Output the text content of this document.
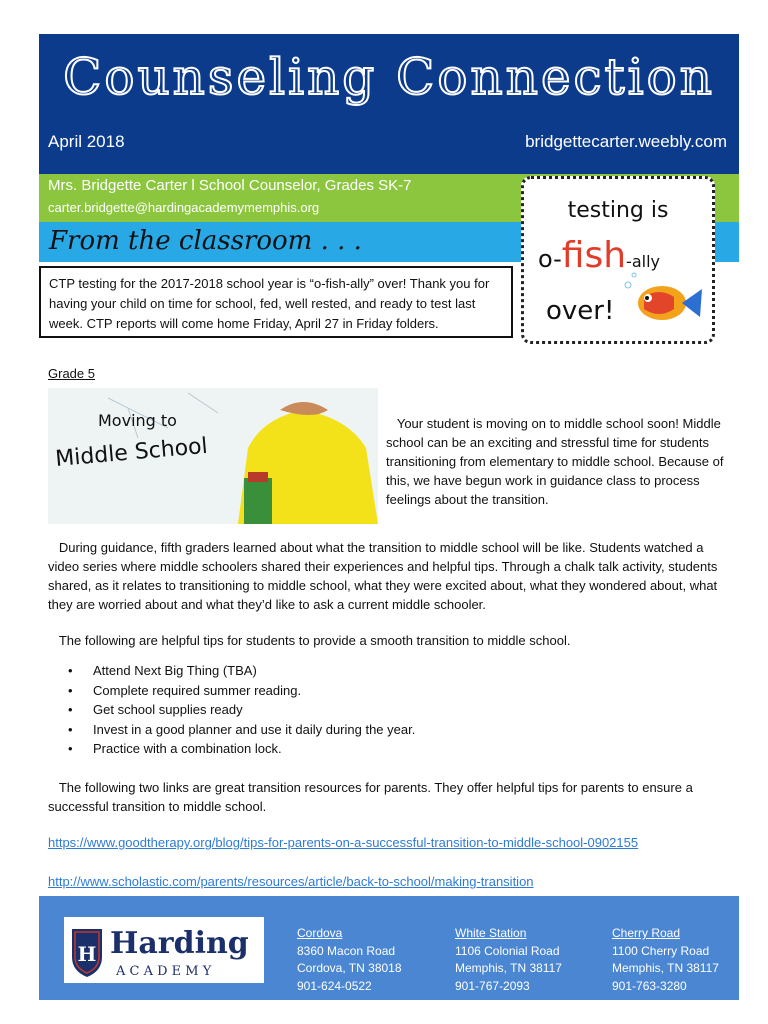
Counseling Connection
April 2018	bridgettecarter.weebly.com
Mrs. Bridgette Carter l School Counselor, Grades SK-7
carter.bridgette@hardingacademymemphis.org
From the classroom . . .
testing is
o-fish-ally
over!
CTP testing for the 2017-2018 school year is “o-fish-ally” over! Thank you for having your child on time for school, fed, well rested, and ready to test last week. CTP reports will come home Friday, April 27 in Friday folders.
Grade 5
Moving to
Middle School
Your student is moving on to middle school soon! Middle school can be an exciting and stressful time for students transitioning from elementary to middle school. Because of this, we have begun work in guidance class to process feelings about the transition.
During guidance, fifth graders learned about what the transition to middle school will be like. Students watched a video series where middle schoolers shared their experiences and helpful tips. Through a chalk talk activity, students shared, as it relates to transitioning to middle school, what they were excited about, what they wondered about, what they are worried about and what they’d like to ask a current middle schooler.
The following are helpful tips for students to provide a smooth transition to middle school.
• Attend Next Big Thing (TBA)
• Complete required summer reading.
• Get school supplies ready
• Invest in a good planner and use it daily during the year.
• Practice with a combination lock.
The following two links are great transition resources for parents. They offer helpful tips for parents to ensure a successful transition to middle school.
https://www.goodtherapy.org/blog/tips-for-parents-on-a-successful-transition-to-middle-school-0902155
http://www.scholastic.com/parents/resources/article/back-to-school/making-transition
H Harding
A C A D E M Y
Cordova
8360 Macon Road
Cordova, TN 38018
901-624-0522
White Station
1106 Colonial Road
Memphis, TN 38117
901-767-2093
Cherry Road
1100 Cherry Road
Memphis, TN 38117
901-763-3280
